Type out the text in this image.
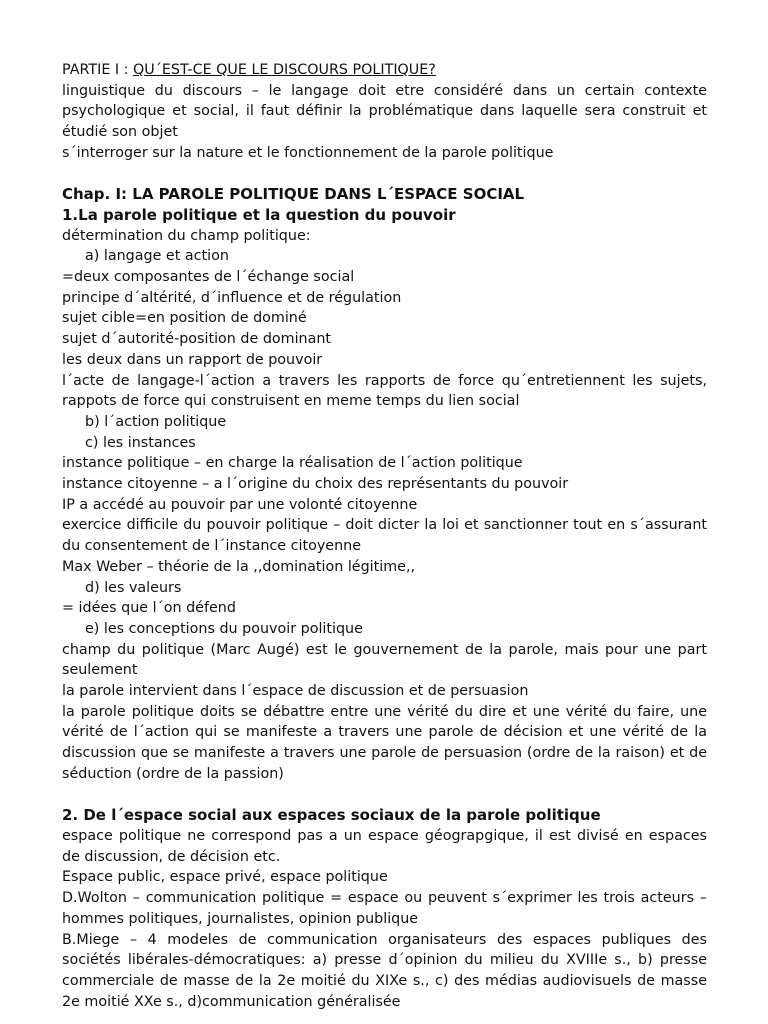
PARTIE I : QU´EST-CE QUE LE DISCOURS POLITIQUE?

linguistique du discours – le langage doit etre considéré dans un certain contexte psychologique et social, il faut définir la problématique dans laquelle sera construit et étudié son objet

s´interroger sur la nature et le fonctionnement de la parole politique

Chap. I: LA PAROLE POLITIQUE DANS L´ESPACE SOCIAL

1.La parole politique et la question du pouvoir

détermination du champ politique:

a) langage et action

=deux composantes de l´échange social

principe d´altérité, d´influence et de régulation

sujet cible=en position de dominé

sujet d´autorité-position de dominant

les deux dans un rapport de pouvoir

l´acte de langage-l´action a travers les rapports de force qu´entretiennent les sujets, rappots de force qui construisent en meme temps du lien social

b) l´action politique

c) les instances

instance politique – en charge la réalisation de l´action politique

instance citoyenne – a l´origine du choix des représentants du pouvoir

IP a accédé au pouvoir par une volonté citoyenne

exercice difficile du pouvoir politique – doit dicter la loi et sanctionner tout en s´assurant du consentement de l´instance citoyenne

Max Weber – théorie de la ,,domination légitime,,

d) les valeurs

= idées que l´on défend

e) les conceptions du pouvoir politique

champ du politique (Marc Augé) est le gouvernement de la parole, mais pour une part seulement

la parole intervient dans l´espace de discussion et de persuasion

la parole politique doits se débattre entre une vérité du dire et une vérité du faire, une vérité de l´action qui se manifeste a travers une parole de décision et une vérité de la discussion que se manifeste a travers une parole de persuasion (ordre de la raison) et de séduction (ordre de la passion)

2. De l´espace social aux espaces sociaux de la parole politique

espace politique ne correspond pas a un espace géograpgique, il est divisé en espaces de discussion, de décision etc.

Espace public, espace privé, espace politique

D.Wolton – communication politique = espace ou peuvent s´exprimer les trois acteurs – hommes politiques, journalistes, opinion publique

B.Miege – 4 modeles de communication organisateurs des espaces publiques des sociétés libérales-démocratiques: a) presse d´opinion du milieu du XVIIIe s., b) presse commerciale de masse de la 2e moitié du XIXe s., c) des médias audiovisuels de masse 2e moitié XXe s., d)communication généralisée
